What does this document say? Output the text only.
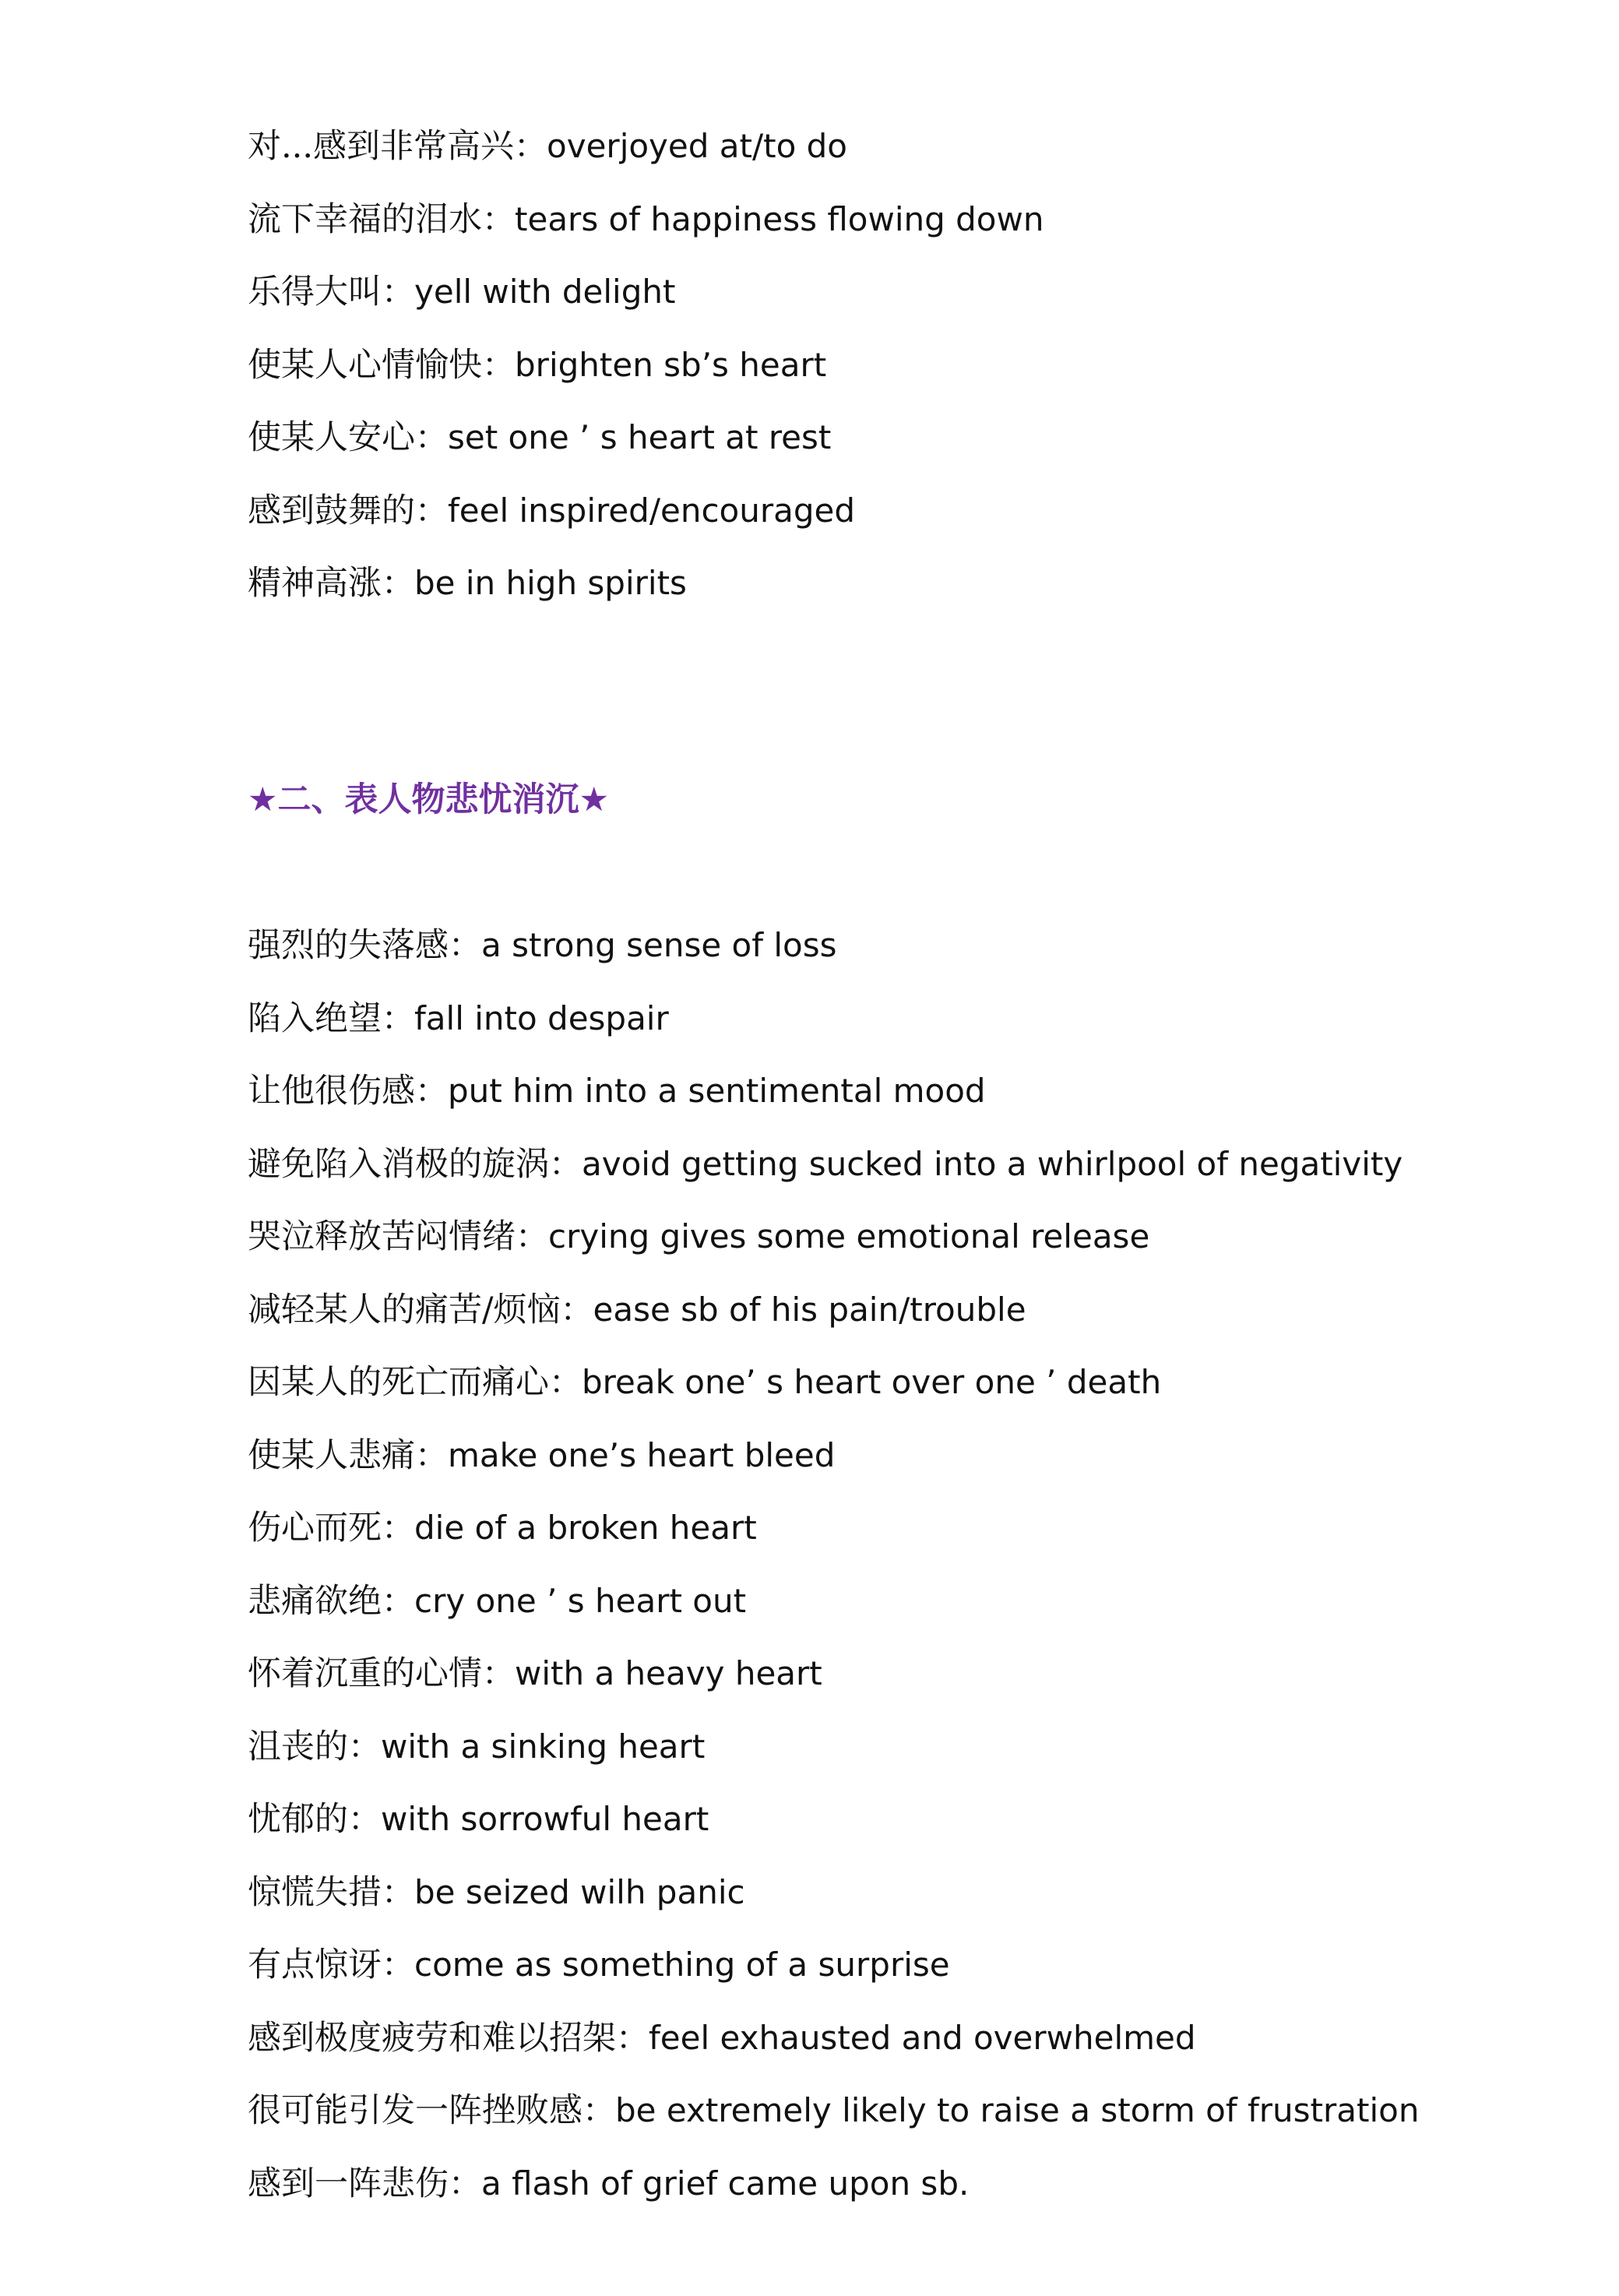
对...感到非常高兴：overjoyed at/to do
流下幸福的泪水：tears of happiness flowing down
乐得大叫：yell with delight
使某人心情愉快：brighten sb’s heart
使某人安心：set one ’ s heart at rest
感到鼓舞的：feel inspired/encouraged
精神高涨：be in high spirits
★二、表人物悲忧消沉★
强烈的失落感：a strong sense of loss
陷入绝望：fall into despair
让他很伤感：put him into a sentimental mood
避免陷入消极的旋涡：avoid getting sucked into a whirlpool of negativity
哭泣释放苦闷情绪：crying gives some emotional release
减轻某人的痛苦/烦恼：ease sb of his pain/trouble
因某人的死亡而痛心：break one’ s heart over one ’ death
使某人悲痛：make one’s heart bleed
伤心而死：die of a broken heart
悲痛欲绝：cry one ’ s heart out
怀着沉重的心情：with a heavy heart
沮丧的：with a sinking heart
忧郁的：with sorrowful heart
惊慌失措：be seized wilh panic
有点惊讶：come as something of a surprise
感到极度疲劳和难以招架：feel exhausted and overwhelmed
很可能引发一阵挫败感：be extremely likely to raise a storm of frustration
感到一阵悲伤：a flash of grief came upon sb.
